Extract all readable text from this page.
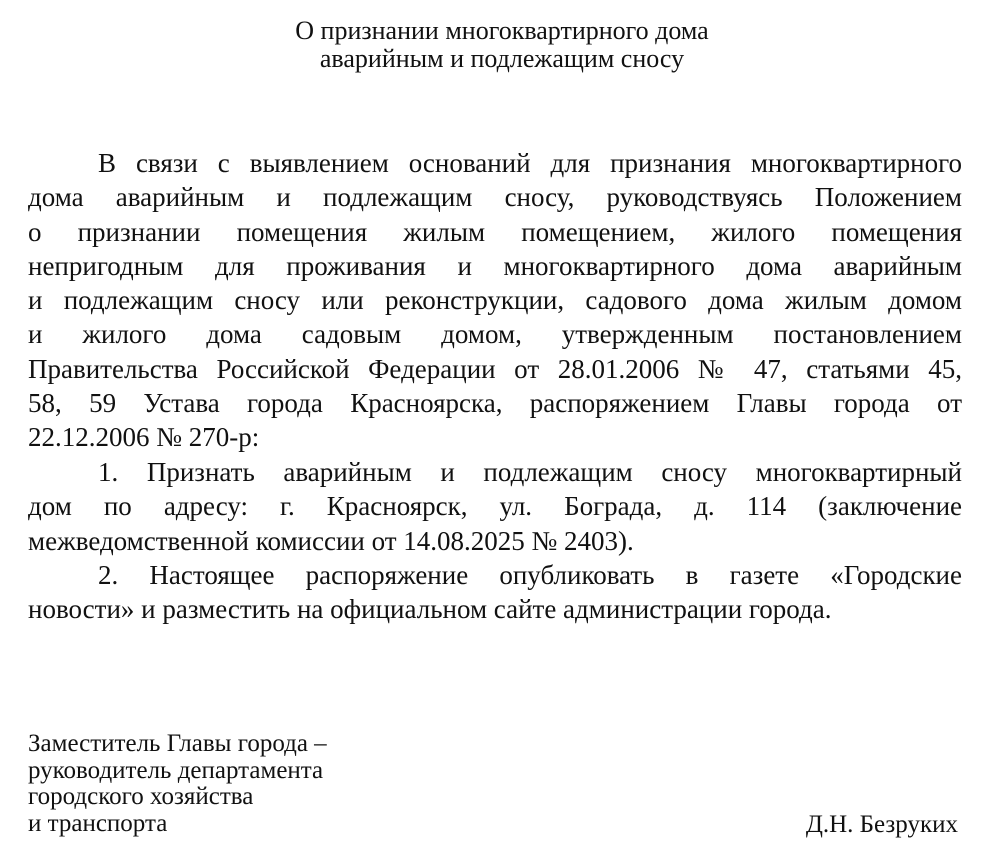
О признании многоквартирного дома
аварийным и подлежащим сносу
В связи с выявлением оснований для признания многоквартирного
дома аварийным и подлежащим сносу, руководствуясь Положением
о признании помещения жилым помещением, жилого помещения
непригодным для проживания и многоквартирного дома аварийным
и подлежащим сносу или реконструкции, садового дома жилым домом
и жилого дома садовым домом, утвержденным постановлением
Правительства Российской Федерации от 28.01.2006 № 47, статьями 45,
58, 59 Устава города Красноярска, распоряжением Главы города от
22.12.2006 № 270-р:
1. Признать аварийным и подлежащим сносу многоквартирный
дом по адресу: г. Красноярск, ул. Бограда, д. 114 (заключение
межведомственной комиссии от 14.08.2025 № 2403).
2. Настоящее распоряжение опубликовать в газете «Городские
новости» и разместить на официальном сайте администрации города.
Заместитель Главы города –
руководитель департамента
городского хозяйства
и транспорта	Д.Н. Безруких
